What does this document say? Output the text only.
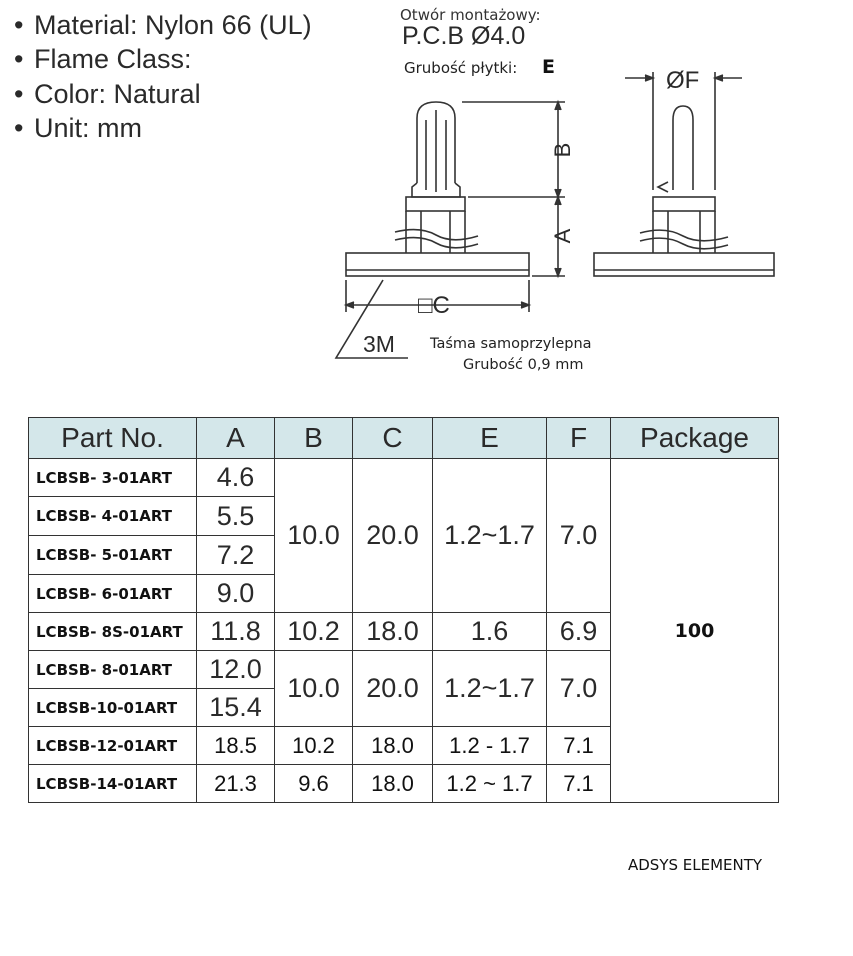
• Material: Nylon 66 (UL)
• Flame Class:
• Color: Natural
• Unit: mm
Otwór montażowy:
P.C.B Ø4.0
Grubość płytki: E	ØF
B
A
□C
3M Taśma samoprzylepna
Grubość 0,9 mm
Part No.	A	B	C	E	F	Package
LCBSB- 3-01ART	4.6	10.0	20.0	1.2~1.7	7.0	100
LCBSB- 4-01ART	5.5					
LCBSB- 5-01ART	7.2					
LCBSB- 6-01ART	9.0					
LCBSB- 8S-01ART	11.8	10.2	18.0	1.6	6.9	
LCBSB- 8-01ART	12.0	10.0	20.0	1.2~1.7	7.0	
LCBSB-10-01ART	15.4					
LCBSB-12-01ART	18.5	10.2	18.0	1.2 - 1.7	7.1	
LCBSB-14-01ART	21.3	9.6	18.0	1.2 ~ 1.7	7.1	
ADSYS ELEMENTY
